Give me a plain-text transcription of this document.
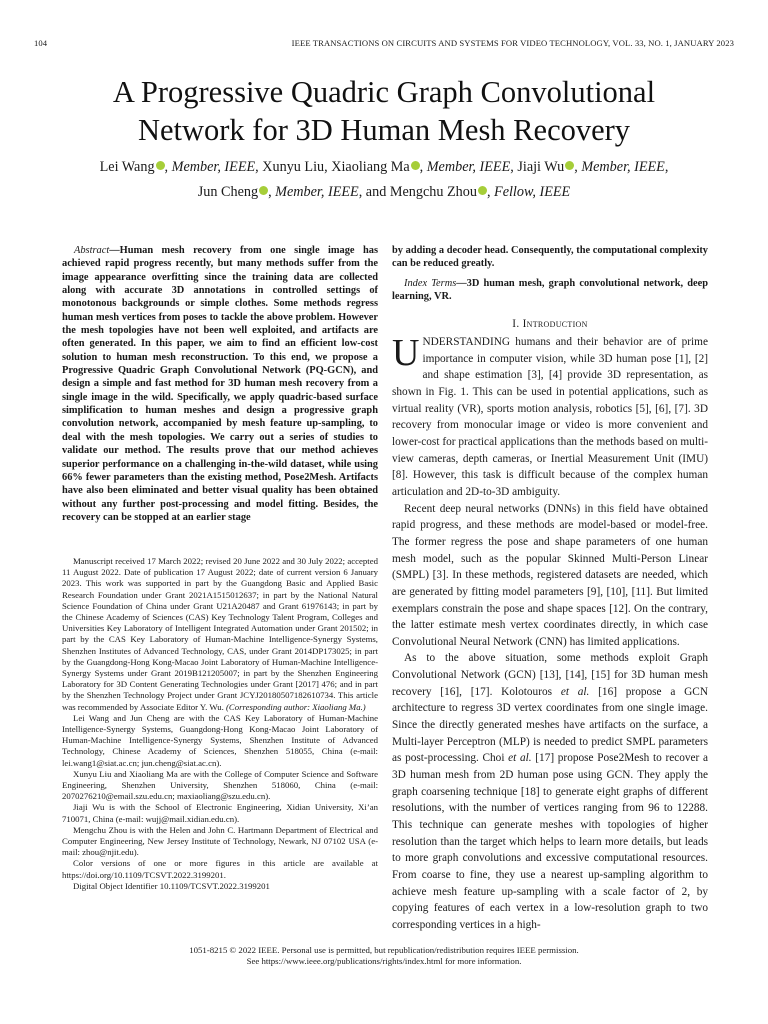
104	IEEE TRANSACTIONS ON CIRCUITS AND SYSTEMS FOR VIDEO TECHNOLOGY, VOL. 33, NO. 1, JANUARY 2023
A Progressive Quadric Graph Convolutional
Network for 3D Human Mesh Recovery
Lei Wang , Member, IEEE, Xunyu Liu, Xiaoliang Ma , Member, IEEE, Jiaji Wu , Member, IEEE,
Jun Cheng , Member, IEEE, and Mengchu Zhou , Fellow, IEEE
Abstract—Human mesh recovery from one single image has achieved rapid progress recently, but many methods suffer from the image appearance overfitting since the training data are collected along with accurate 3D annotations in controlled settings of monotonous backgrounds or simple clothes. Some methods regress human mesh vertices from poses to tackle the above problem. However the mesh topologies have not been well exploited, and artifacts are often generated. In this paper, we aim to find an efficient low-cost solution to human mesh reconstruction. To this end, we propose a Progressive Quadric Graph Convolutional Network (PQ-GCN), and design a simple and fast method for 3D human mesh recovery from a single image in the wild. Specifically, we apply quadric-based surface simplification to human meshes and design a progressive graph convolution network, accompanied by mesh feature up-sampling, to deal with the mesh topologies. We carry out a series of studies to validate our method. The results prove that our method achieves superior performance on a challenging in-the-wild dataset, while using 66% fewer parameters than the existing method, Pose2Mesh. Artifacts have also been eliminated and better visual quality has been obtained without any further post-processing and model fitting. Besides, the recovery can be stopped at an earlier stage

Manuscript received 17 March 2022; revised 20 June 2022 and 30 July 2022; accepted 11 August 2022. Date of publication 17 August 2022; date of current version 6 January 2023. This work was supported in part by the Guangdong Basic and Applied Basic Research Foundation under Grant 2021A1515012637; in part by the National Natural Science Foundation of China under Grant U21A20487 and Grant 61976143; in part by the Chinese Academy of Sciences (CAS) Key Technology Talent Program, Colleges and Universities Key Laboratory of Intelligent Integrated Automation under Grant 201502; in part by the CAS Key Laboratory of Human-Machine Intelligence-Synergy Systems, Shenzhen Institutes of Advanced Technology, CAS, under Grant 2014DP173025; in part by the Guangdong-Hong Kong-Macao Joint Laboratory of Human-Machine Intelligence-Synergy Systems under Grant 2019B121205007; in part by the Shenzhen Engineering Laboratory for 3D Content Generating Technologies under Grant [2017] 476; and in part by the Shenzhen Technology Project under Grant JCYJ20180507182610734. This article was recommended by Associate Editor Y. Wu. (Corresponding author: Xiaoliang Ma.)

Lei Wang and Jun Cheng are with the CAS Key Laboratory of Human-Machine Intelligence-Synergy Systems, Guangdong-Hong Kong-Macao Joint Laboratory of Human-Machine Intelligence-Synergy Systems, Shenzhen Institute of Advanced Technology, Chinese Academy of Sciences, Shenzhen 518055, China (e-mail: lei.wang1@siat.ac.cn; jun.cheng@siat.ac.cn).

Xunyu Liu and Xiaoliang Ma are with the College of Computer Science and Software Engineering, Shenzhen University, Shenzhen 518060, China (e-mail: 2070276210@email.szu.edu.cn; maxiaoliang@szu.edu.cn).

Jiaji Wu is with the School of Electronic Engineering, Xidian University, Xi’an 710071, China (e-mail: wujj@mail.xidian.edu.cn).

Mengchu Zhou is with the Helen and John C. Hartmann Department of Electrical and Computer Engineering, New Jersey Institute of Technology, Newark, NJ 07102 USA (e-mail: zhou@njit.edu).

Color versions of one or more figures in this article are available at https://doi.org/10.1109/TCSVT.2022.3199201.

Digital Object Identifier 10.1109/TCSVT.2022.3199201

by adding a decoder head. Consequently, the computational complexity can be reduced greatly.

Index Terms—3D human mesh, graph convolutional network, deep learning, VR.

I. Introduction

UNDERSTANDING humans and their behavior are of prime importance in computer vision, while 3D human pose [1], [2] and shape estimation [3], [4] provide 3D representation, as shown in Fig. 1. This can be used in potential applications, such as virtual reality (VR), sports motion analysis, robotics [5], [6], [7]. 3D recovery from monocular image or video is more convenient and lower-cost for practical applications than the methods based on multi-view cameras, depth cameras, or Inertial Measurement Unit (IMU) [8]. However, this task is difficult because of the complex human articulation and 2D-to-3D ambiguity.

Recent deep neural networks (DNNs) in this field have obtained rapid progress, and these methods are model-based or model-free. The former regress the pose and shape parameters of one human mesh model, such as the popular Skinned Multi-Person Linear (SMPL) [3]. In these methods, registered datasets are needed, which are generated by fitting model parameters [9], [10], [11]. But limited exemplars constrain the pose and shape spaces [12]. On the contrary, the latter estimate mesh vertex coordinates directly, in which case Convolutional Neural Network (CNN) has limited applications.

As to the above situation, some methods exploit Graph Convolutional Network (GCN) [13], [14], [15] for 3D human mesh recovery [16], [17]. Kolotouros et al. [16] propose a GCN architecture to regress 3D vertex coordinates from one single image. Since the directly generated meshes have artifacts on the surface, a Multi-layer Perceptron (MLP) is needed to predict SMPL parameters as post-processing. Choi et al. [17] propose Pose2Mesh to recover a 3D human mesh from 2D human pose using GCN. They apply the graph coarsening technique [18] to generate eight graphs of different resolutions, with the number of vertices ranging from 96 to 12288. This technique can generate meshes with topologies of higher resolution than the target which helps to learn more details, but leads to more graph convolutions and excessive computational resources. From coarse to fine, they use a nearest up-sampling algorithm to achieve mesh feature up-sampling with a scale factor of 2, by copying features of each vertex in a low-resolution graph to two corresponding vertices in a high-

1051-8215 © 2022 IEEE. Personal use is permitted, but republication/redistribution requires IEEE permission.
See https://www.ieee.org/publications/rights/index.html for more information.
